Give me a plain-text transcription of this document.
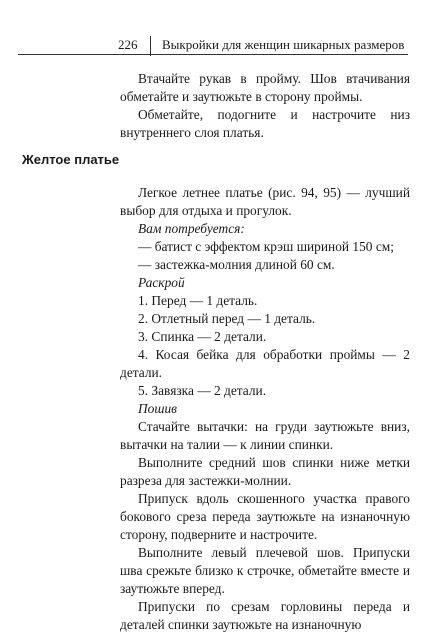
226 Выкройки для женщин шикарных размеров

Втачайте рукав в пройму. Шов втачивания обметайте и заутюжьте в сторону проймы.

Обметайте, подогните и настрочите низ внутреннего слоя платья.

Желтое платье

Легкое летнее платье (рис. 94, 95) — лучший выбор для отдыха и прогулок.

Вам потребуется:

— батист с эффектом крэш шириной 150 см;

— застежка-молния длиной 60 см.

Раскрой

1. Перед — 1 деталь.

2. Отлетный перед — 1 деталь.

3. Спинка — 2 детали.

4. Косая бейка для обработки проймы — 2 детали.

5. Завязка — 2 детали.

Пошив

Стачайте вытачки: на груди заутюжьте вниз, вытачки на талии — к линии спинки.

Выполните средний шов спинки ниже метки разреза для застежки-молнии.

Припуск вдоль скошенного участка правого бокового среза переда заутюжьте на изнаночную сторону, подверните и настрочите.

Выполните левый плечевой шов. Припуски шва срежьте близко к строчке, обметайте вместе и заутюжьте вперед.

Припуски по срезам горловины переда и деталей спинки заутюжьте на изнаночную
